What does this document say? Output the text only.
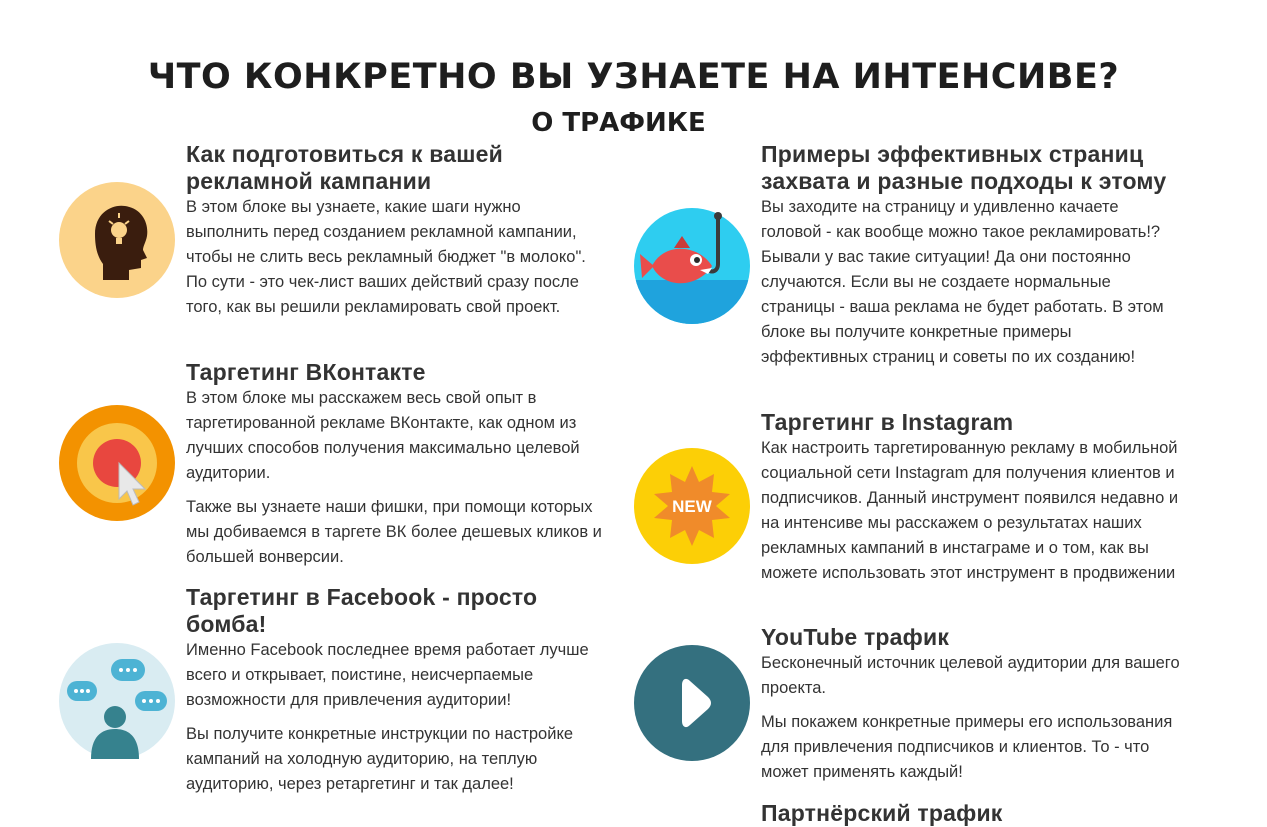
ЧТО КОНКРЕТНО ВЫ УЗНАЕТЕ НА ИНТЕНСИВЕ?
О ТРАФИКЕ
NEW
Как подготовиться к вашей рекламной кампании

В этом блоке вы узнаете, какие шаги нужно выполнить перед созданием рекламной кампании, чтобы не слить весь рекламный бюджет "в молоко". По сути - это чек-лист ваших действий сразу после того, как вы решили рекламировать свой проект.

Таргетинг ВКонтакте

В этом блоке мы расскажем весь свой опыт в таргетированной рекламе ВКонтакте, как одном из лучших способов получения максимально целевой аудитории.

Также вы узнаете наши фишки, при помощи которых мы добиваемся в таргете ВК более дешевых кликов и большей вонверсии.

Таргетинг в Facebook - просто бомба!

Именно Facebook последнее время работает лучше всего и открывает, поистине, неисчерпаемые возможности для привлечения аудитории!

Вы получите конкретные инструкции по настройке кампаний на холодную аудиторию, на теплую аудиторию, через ретаргетинг и так далее!

Примеры эффективных страниц захвата и разные подходы к этому

Вы заходите на страницу и удивленно качаете головой - как вообще можно такое рекламировать!? Бывали у вас такие ситуации! Да они постоянно случаются. Если вы не создаете нормальные страницы - ваша реклама не будет работать. В этом блоке вы получите конкретные примеры эффективных страниц и советы по их созданию!

Таргетинг в Instagram

Как настроить таргетированную рекламу в мобильной социальной сети Instagram для получения клиентов и подписчиков. Данный инструмент появился недавно и на интенсиве мы расскажем о результатах наших рекламных кампаний в инстаграме и о том, как вы можете использовать этот инструмент в продвижении

YouTube трафик

Бесконечный источник целевой аудитории для вашего проекта.

Мы покажем конкретные примеры его использования для привлечения подписчиков и клиентов. То - что может применять каждый!

Партнёрский трафик
